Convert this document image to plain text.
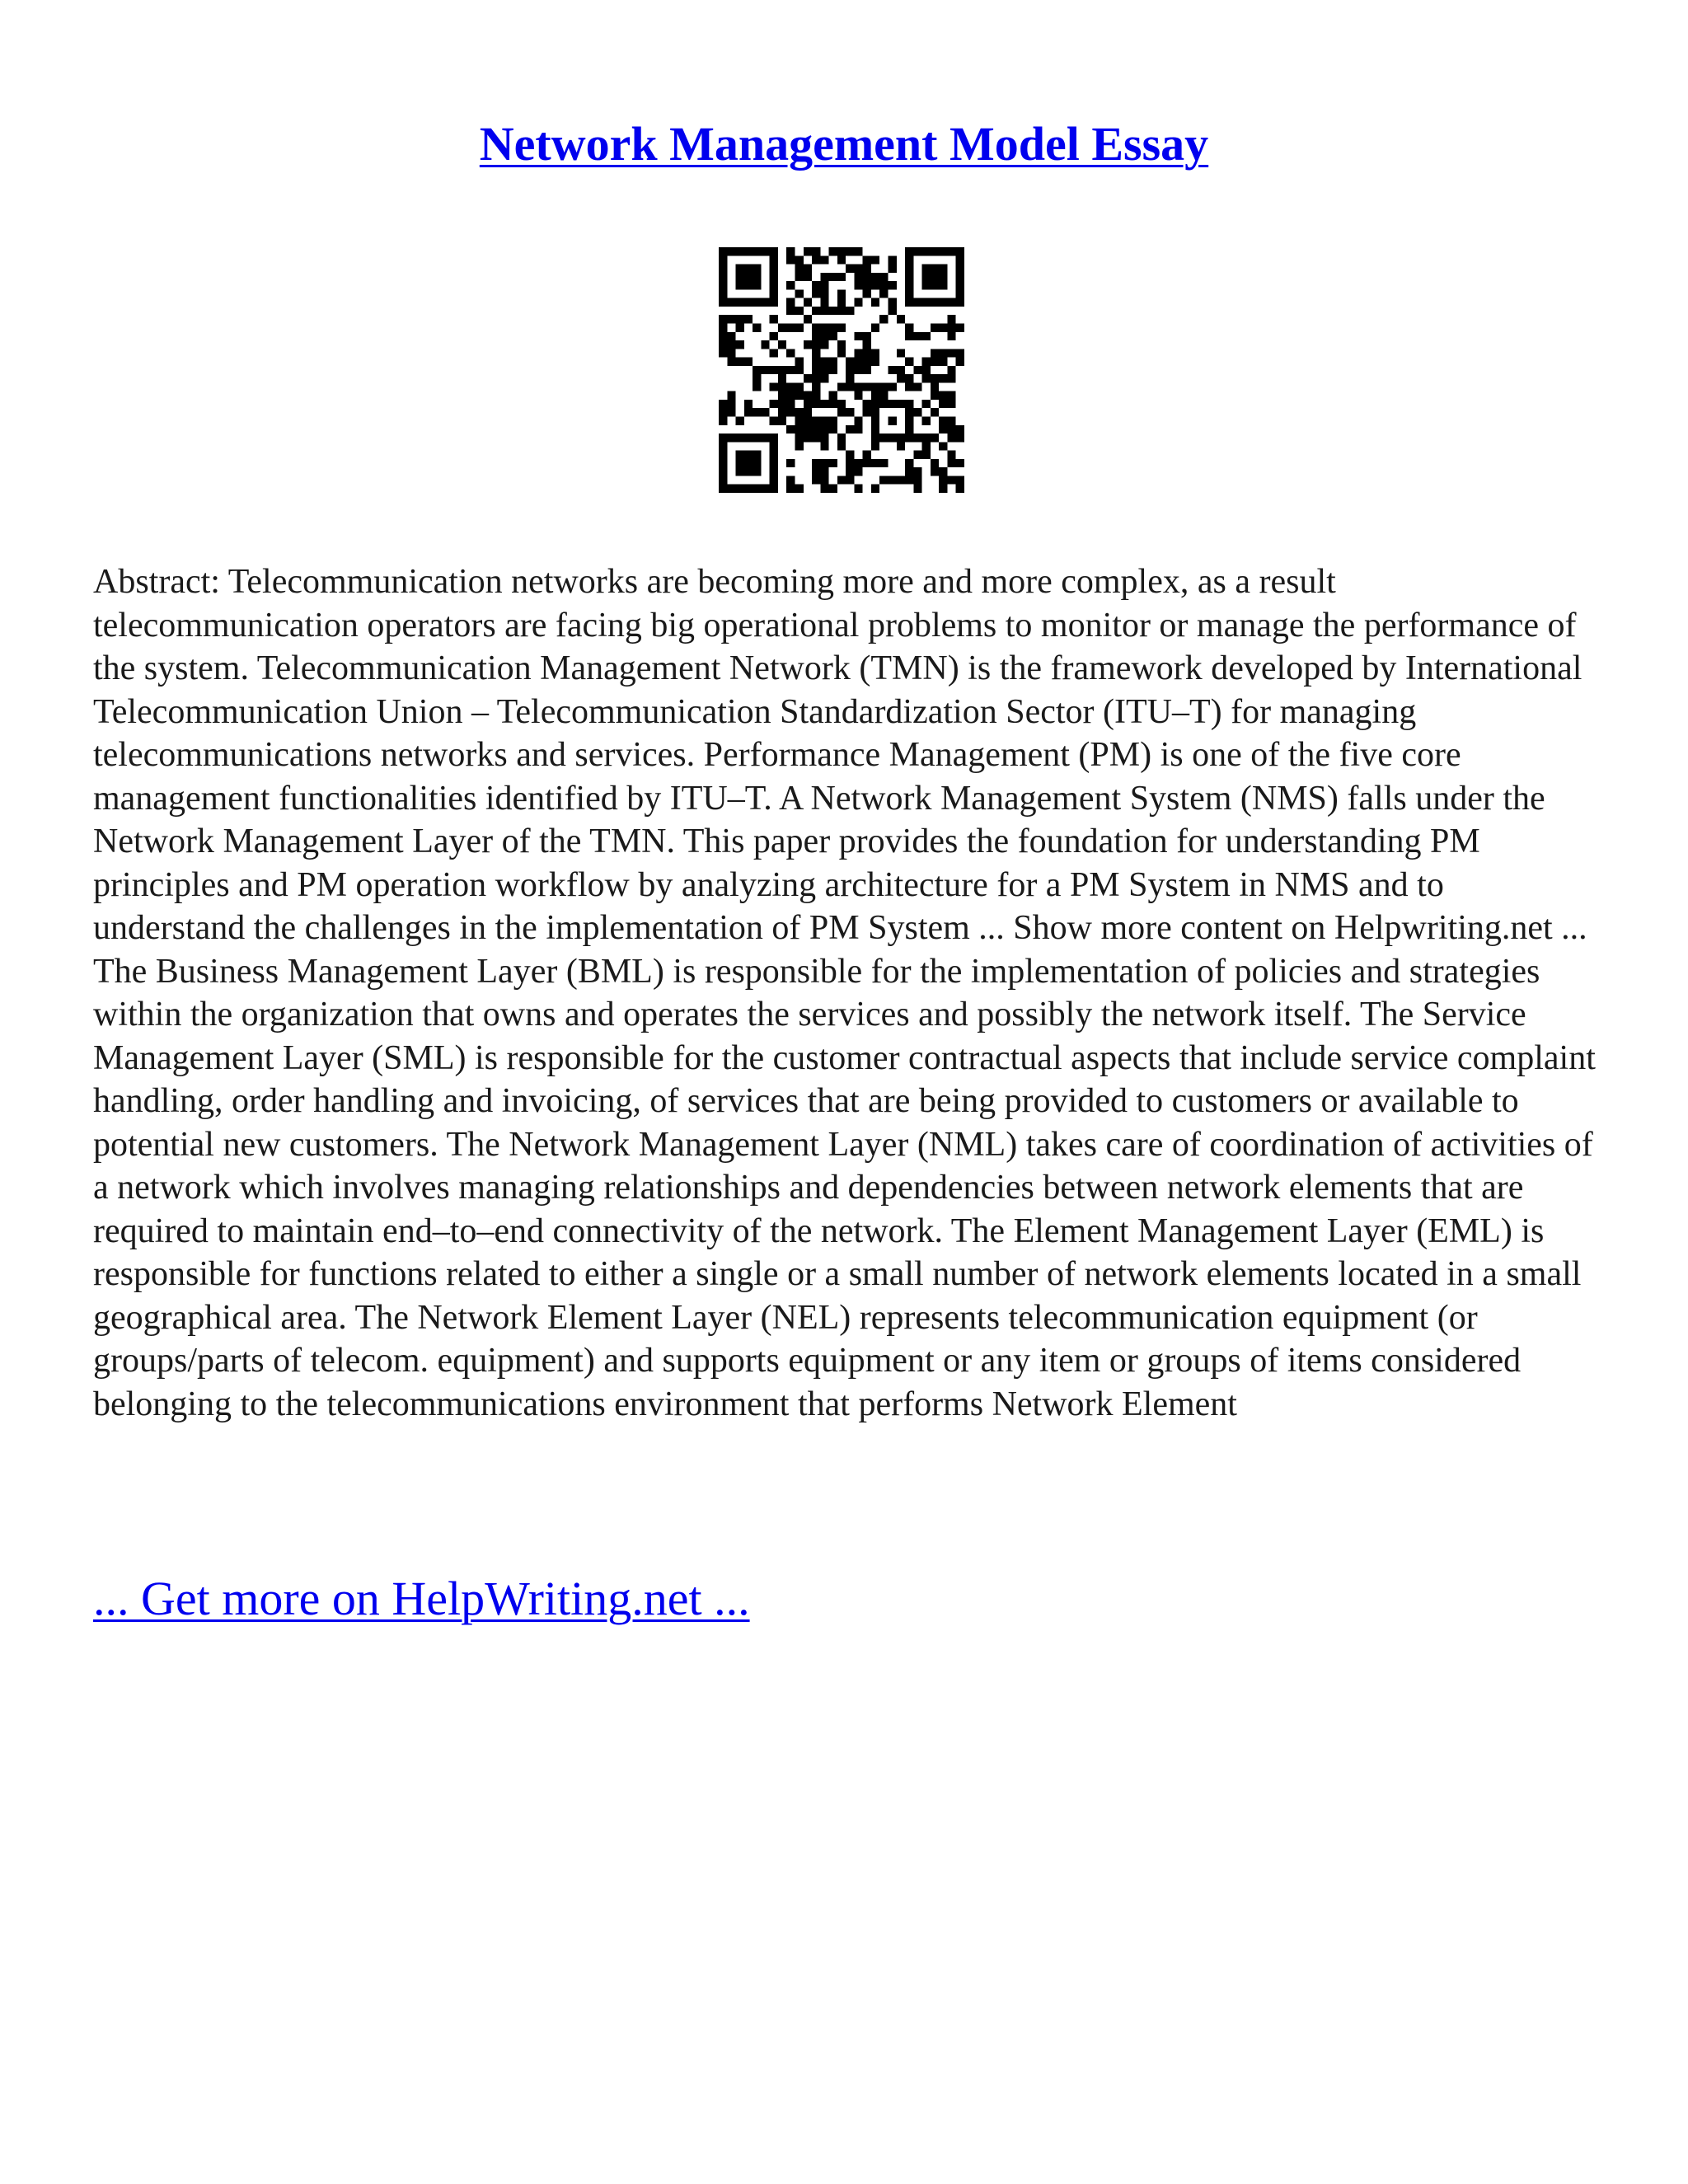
Network Management Model Essay

Abstract: Telecommunication networks are becoming more and more complex, as a result telecommunication operators are facing big operational problems to monitor or manage the performance of the system. Telecommunication Management Network (TMN) is the framework developed by International Telecommunication Union – Telecommunication Standardization Sector (ITU–T) for managing telecommunications networks and services. Performance Management (PM) is one of the five core management functionalities identified by ITU–T. A Network Management System (NMS) falls under the Network Management Layer of the TMN. This paper provides the foundation for understanding PM principles and PM operation workflow by analyzing architecture for a PM System in NMS and to understand the challenges in the implementation of PM System ... Show more content on Helpwriting.net ...

The Business Management Layer (BML) is responsible for the implementation of policies and strategies within the organization that owns and operates the services and possibly the network itself. The Service Management Layer (SML) is responsible for the customer contractual aspects that include service complaint handling, order handling and invoicing, of services that are being provided to customers or available to potential new customers. The Network Management Layer (NML) takes care of coordination of activities of a network which involves managing relationships and dependencies between network elements that are required to maintain end–to–end connectivity of the network. The Element Management Layer (EML) is responsible for functions related to either a single or a small number of network elements located in a small geographical area. The Network Element Layer (NEL) represents telecommunication equipment (or groups/parts of telecom. equipment) and supports equipment or any item or groups of items considered belonging to the telecommunications environment that performs Network Element

... Get more on HelpWriting.net ...
